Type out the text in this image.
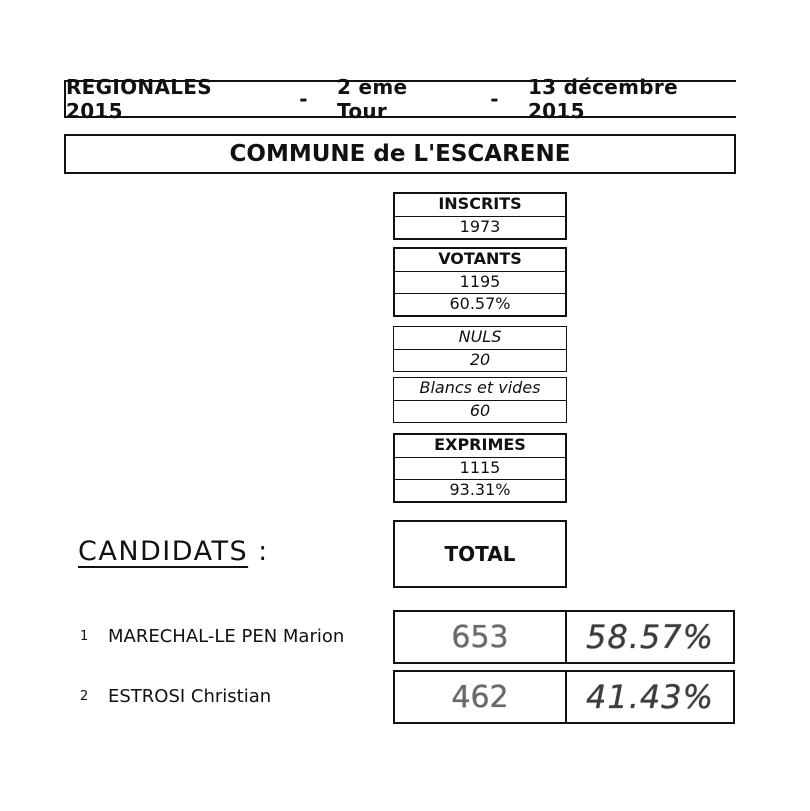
REGIONALES 2015	- 2 eme Tour	- 13 décembre 2015
COMMUNE de L'ESCARENE
INSCRITS
1973
VOTANTS
1195
60.57%
NULS
20
Blancs et vides
60
EXPRIMES
1115
93.31%
CANDIDATS :	TOTAL
1 MARECHAL-LE PEN Marion	653	58.57%
2 ESTROSI Christian	462	41.43%
